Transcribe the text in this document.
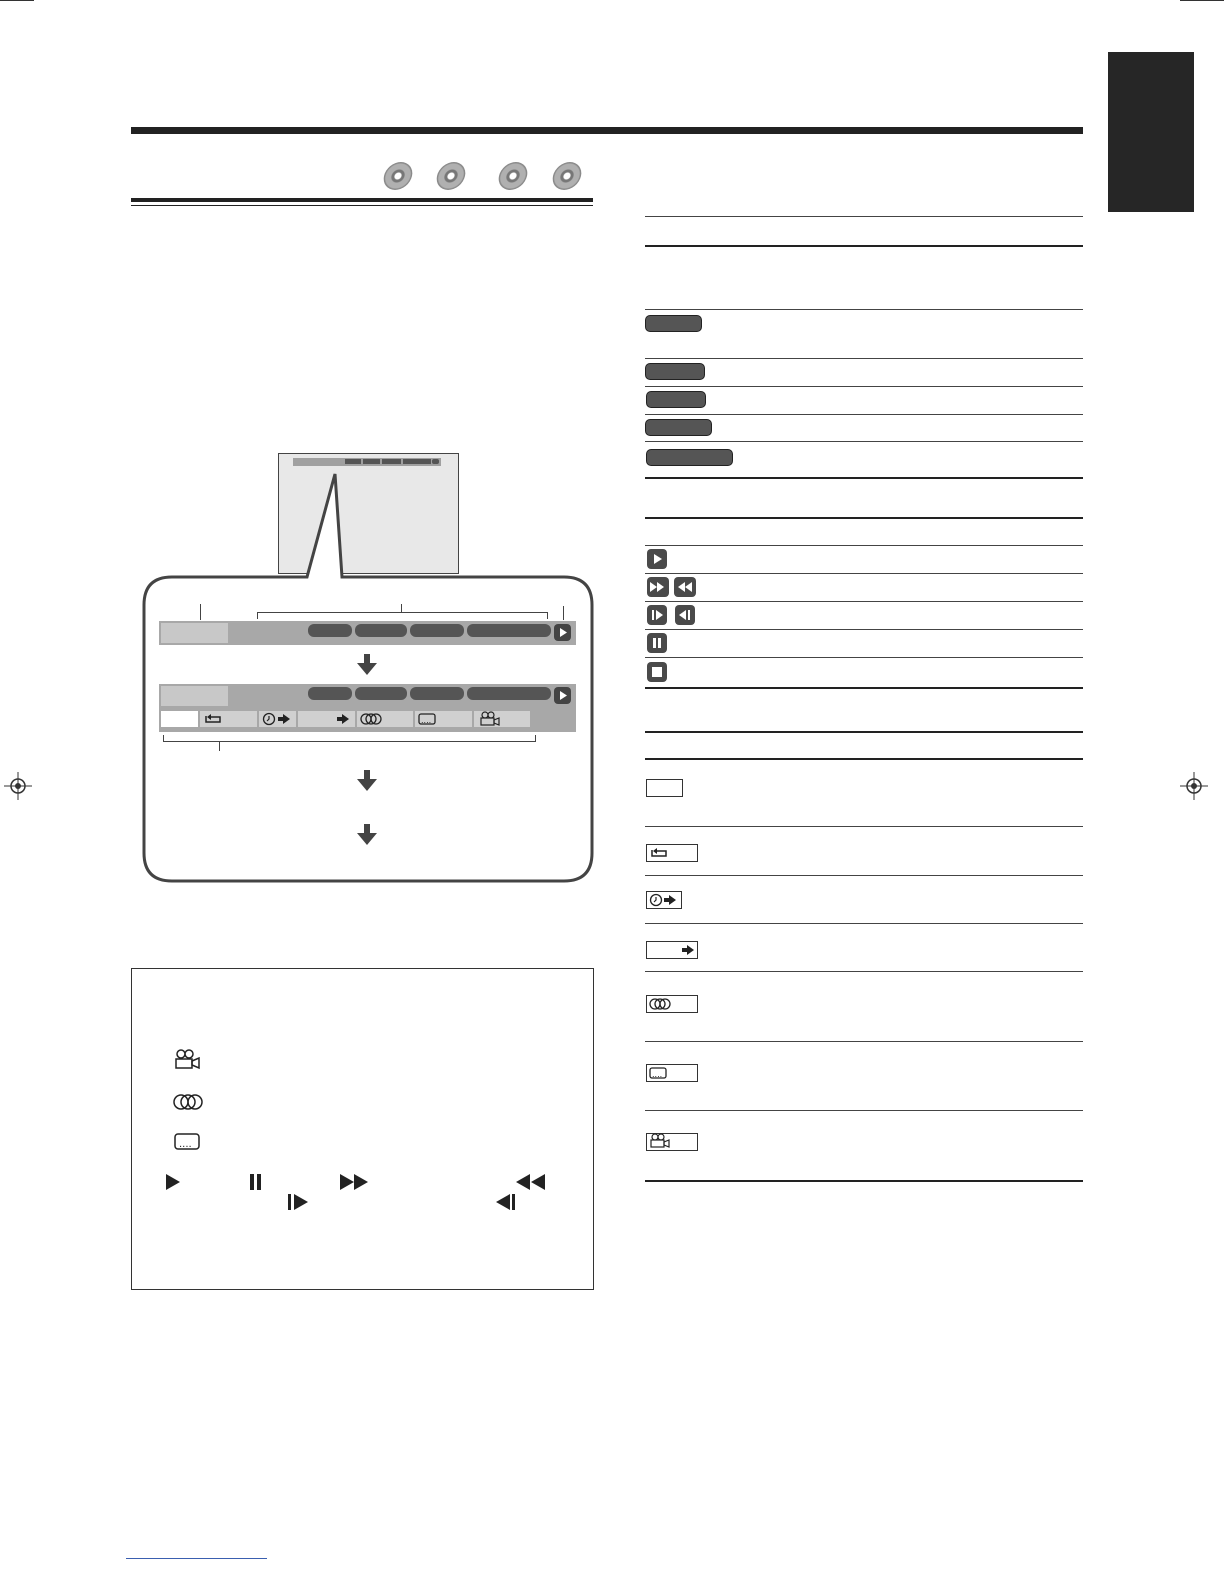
....
....
....
